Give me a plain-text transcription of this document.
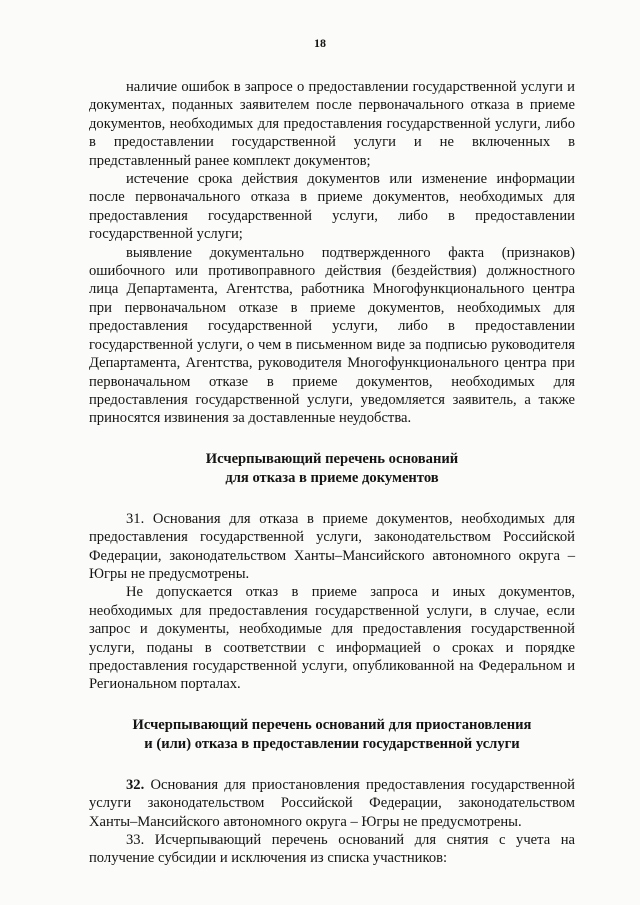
18

наличие ошибок в запросе о предоставлении государственной услуги и документах, поданных заявителем после первоначального отказа в приеме документов, необходимых для предоставления государственной услуги, либо в предоставлении государственной услуги и не включенных в представленный ранее комплект документов;

истечение срока действия документов или изменение информации после первоначального отказа в приеме документов, необходимых для предоставления государственной услуги, либо в предоставлении государственной услуги;

выявление документально подтвержденного факта (признаков) ошибочного или противоправного действия (бездействия) должностного лица Департамента, Агентства, работника Многофункционального центра при первоначальном отказе в приеме документов, необходимых для предоставления государственной услуги, либо в предоставлении государственной услуги, о чем в письменном виде за подписью руководителя Департамента, Агентства, руководителя Многофункционального центра при первоначальном отказе в приеме документов, необходимых для предоставления государственной услуги, уведомляется заявитель, а также приносятся извинения за доставленные неудобства.

Исчерпывающий перечень оснований
для отказа в приеме документов

31. Основания для отказа в приеме документов, необходимых для предоставления государственной услуги, законодательством Российской Федерации, законодательством Ханты–Мансийского автономного округа – Югры не предусмотрены.

Не допускается отказ в приеме запроса и иных документов, необходимых для предоставления государственной услуги, в случае, если запрос и документы, необходимые для предоставления государственной услуги, поданы в соответствии с информацией о сроках и порядке предоставления государственной услуги, опубликованной на Федеральном и Региональном порталах.

Исчерпывающий перечень оснований для приостановления
и (или) отказа в предоставлении государственной услуги

32. Основания для приостановления предоставления государственной услуги законодательством Российской Федерации, законодательством Ханты–Мансийского автономного округа – Югры не предусмотрены.

33. Исчерпывающий перечень оснований для снятия с учета на получение субсидии и исключения из списка участников:
